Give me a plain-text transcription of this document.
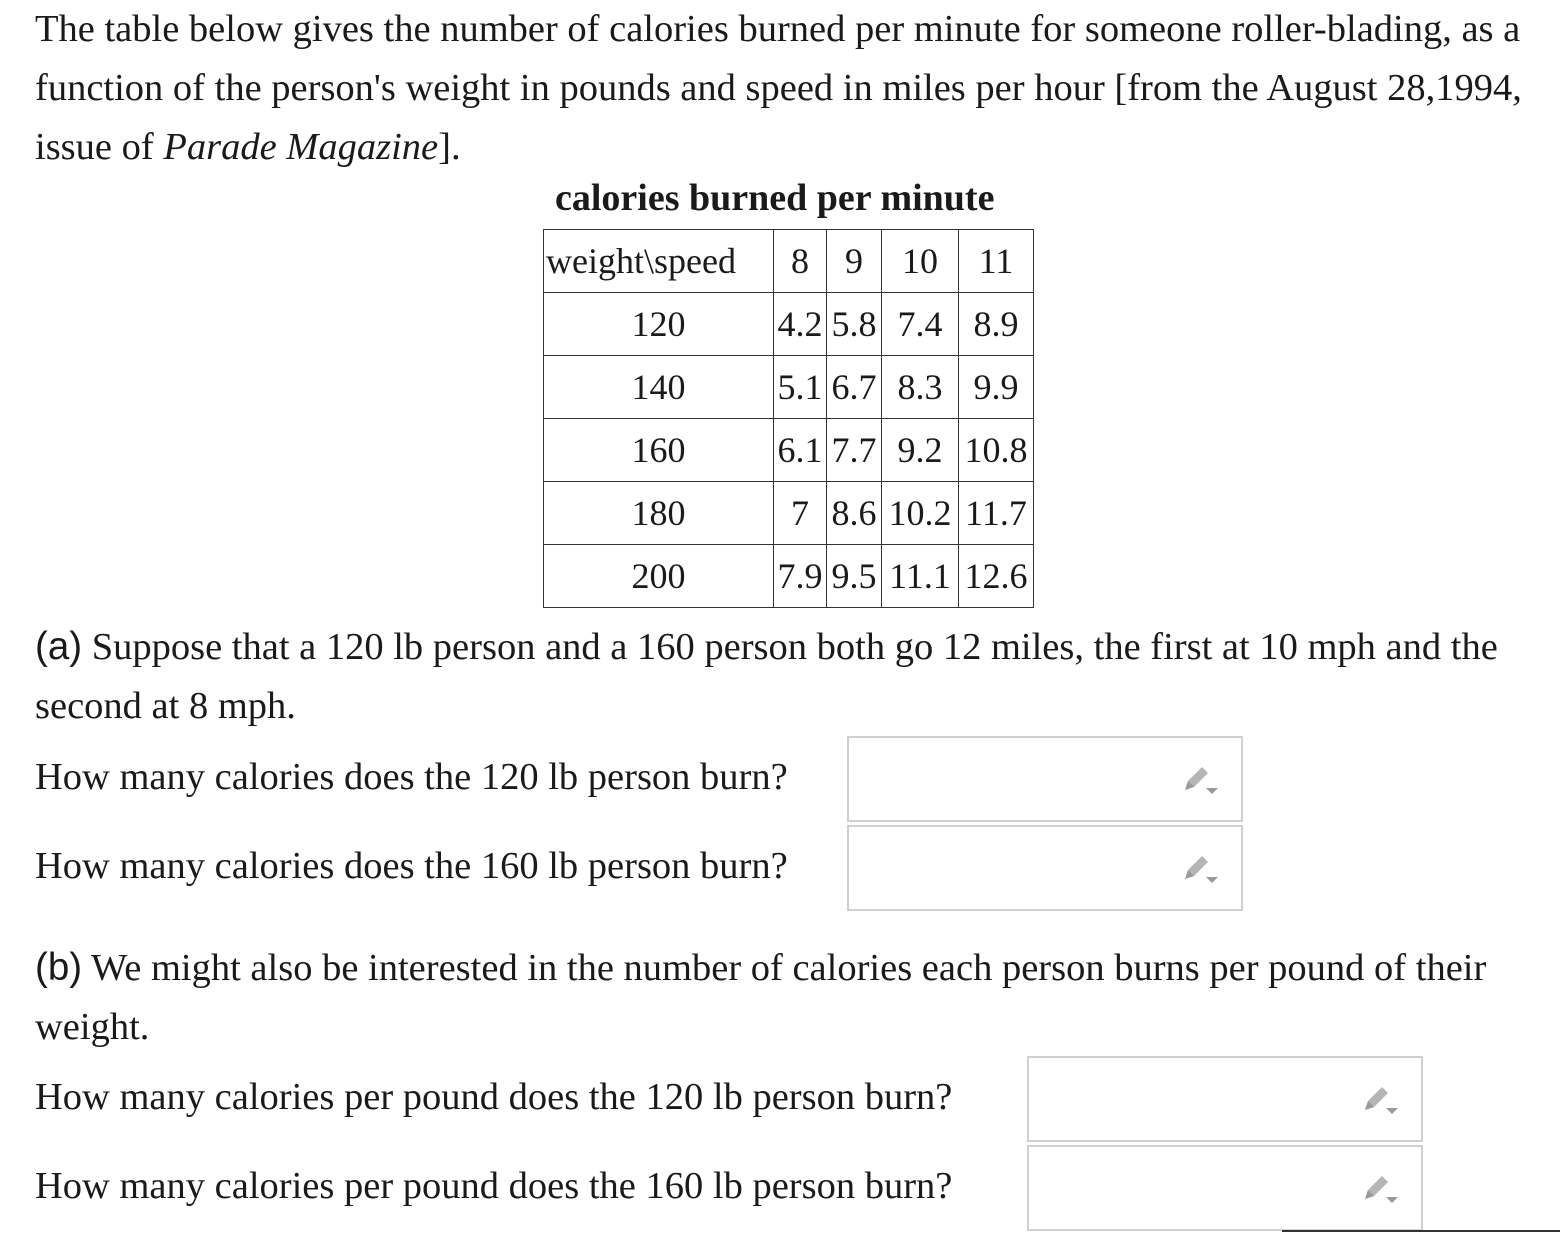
The table below gives the number of calories burned per minute for someone roller-blading, as a function of the person's weight in pounds and speed in miles per hour [from the August 28,1994, issue of Parade Magazine].

calories burned per minute
weight\speed	8	9	10	11
120	4.2	5.8	7.4	8.9
140	5.1	6.7	8.3	9.9
160	6.1	7.7	9.2	10.8
180	7	8.6	10.2	11.7
200	7.9	9.5	11.1	12.6

(a) Suppose that a 120 lb person and a 160 person both go 12 miles, the first at 10 mph and the second at 8 mph.

How many calories does the 120 lb person burn?
How many calories does the 160 lb person burn?

(b) We might also be interested in the number of calories each person burns per pound of their weight.

How many calories per pound does the 120 lb person burn?
How many calories per pound does the 160 lb person burn?
